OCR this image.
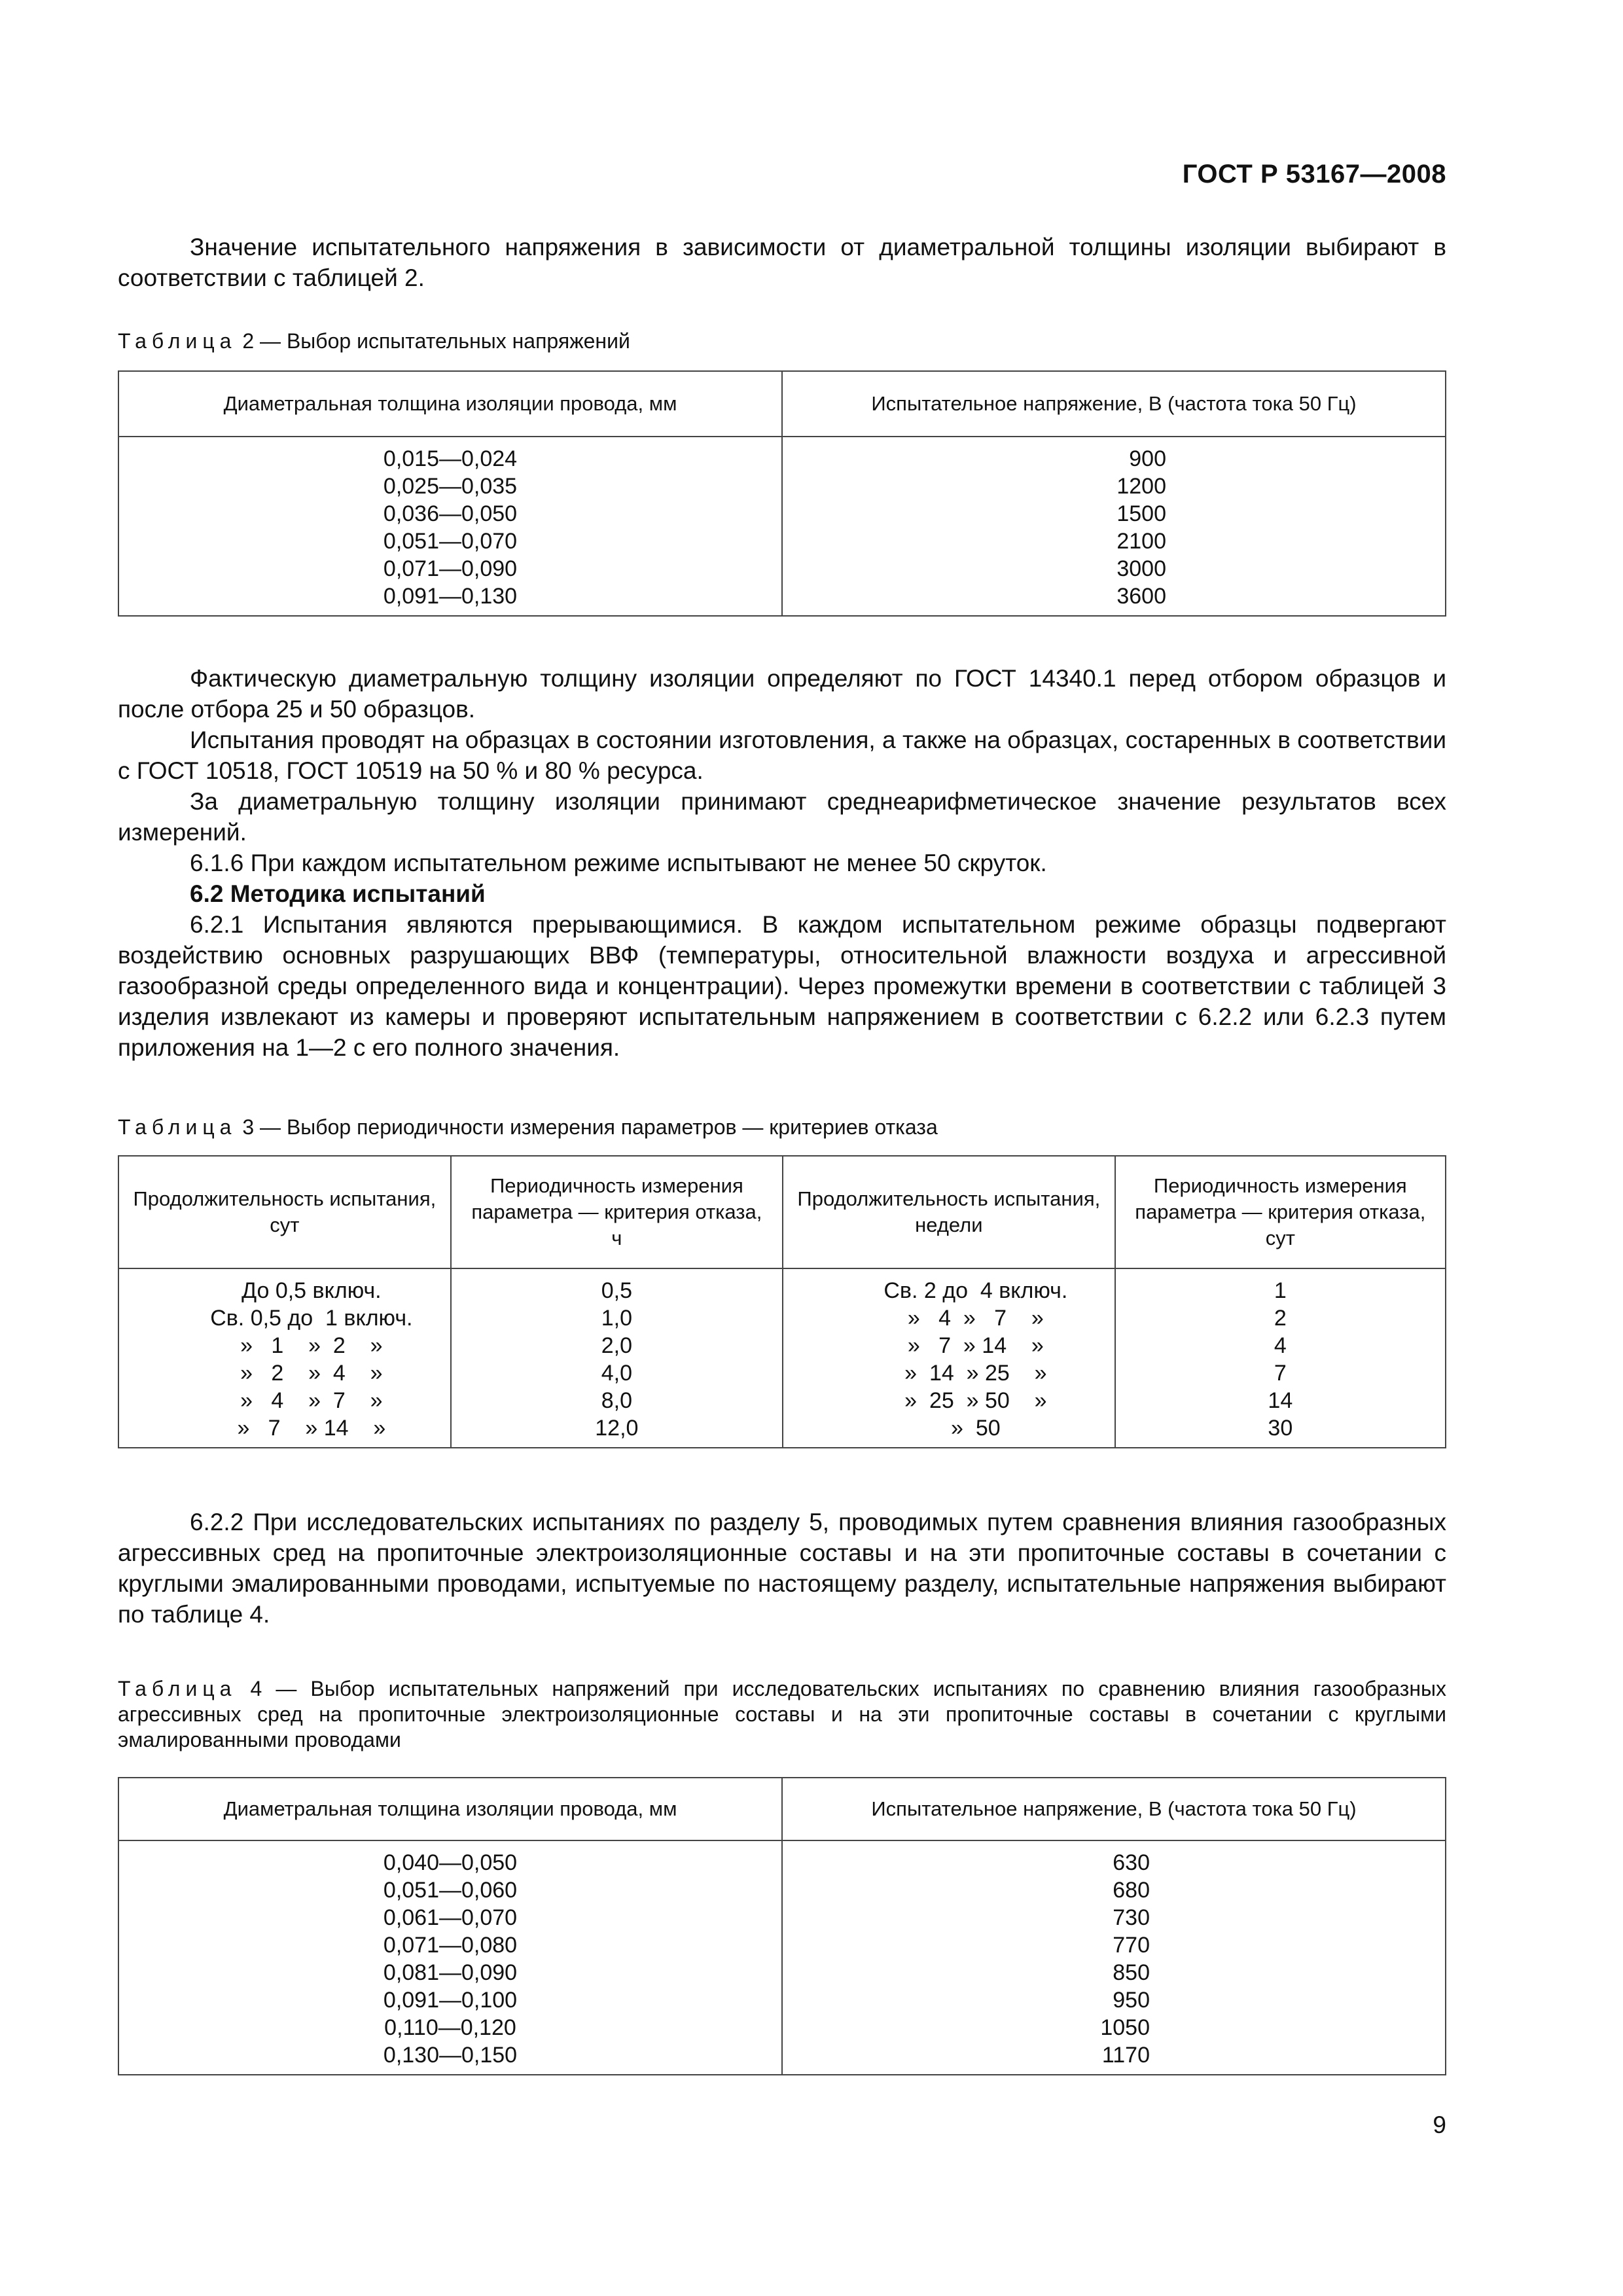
ГОСТ Р 53167—2008

Значение испытательного напряжения в зависимости от диаметральной толщины изоляции выбирают в соответствии с таблицей 2.

Таблица 2 — Выбор испытательных напряжений
Диаметральная толщина изоляции провода, мм	Испытательное напряжение, В (частота тока 50 Гц)
0,015—0,024	900
0,025—0,035	1200
0,036—0,050	1500
0,051—0,070	2100
0,071—0,090	3000
0,091—0,130	3600

Фактическую диаметральную толщину изоляции определяют по ГОСТ 14340.1 перед отбором образцов и после отбора 25 и 50 образцов.

Испытания проводят на образцах в состоянии изготовления, а также на образцах, состаренных в соответствии с ГОСТ 10518, ГОСТ 10519 на 50 % и 80 % ресурса.

За диаметральную толщину изоляции принимают среднеарифметическое значение результатов всех измерений.

6.1.6 При каждом испытательном режиме испытывают не менее 50 скруток.

6.2 Методика испытаний

6.2.1 Испытания являются прерывающимися. В каждом испытательном режиме образцы подвергают воздействию основных разрушающих ВВФ (температуры, относительной влажности воздуха и агрессивной газообразной среды определенного вида и концентрации). Через промежутки времени в соответствии с таблицей 3 изделия извлекают из камеры и проверяют испытательным напряжением в соответствии с 6.2.2 или 6.2.3 путем приложения на 1—2 с его полного значения.

Таблица 3 — Выбор периодичности измерения параметров — критериев отказа
Продолжительность испытания, сут	Периодичность измерения параметра — критерия отказа, ч	Продолжительность испытания, недели	Периодичность измерения параметра — критерия отказа, сут
До 0,5 включ.	0,5	Св. 2 до  4 включ.	1
Св. 0,5 до  1 включ.	1,0	»   4  »   7    »	2
»   1    »  2    »	2,0	»   7  » 14    »	4
»   2    »  4    »	4,0	»  14  » 25    »	7
»   4    »  7    »	8,0	»  25  » 50    »	14
»   7    » 14    »	12,0	»  50	30

6.2.2 При исследовательских испытаниях по разделу 5, проводимых путем сравнения влияния газообразных агрессивных сред на пропиточные электроизоляционные составы и на эти пропиточные составы в сочетании с круглыми эмалированными проводами, испытуемые по настоящему разделу, испытательные напряжения выбирают по таблице 4.

Таблица 4 — Выбор испытательных напряжений при исследовательских испытаниях по сравнению влияния газообразных агрессивных сред на пропиточные электроизоляционные составы и на эти пропиточные составы в сочетании с круглыми эмалированными проводами
Диаметральная толщина изоляции провода, мм	Испытательное напряжение, В (частота тока 50 Гц)
0,040—0,050	630
0,051—0,060	680
0,061—0,070	730
0,071—0,080	770
0,081—0,090	850
0,091—0,100	950
0,110—0,120	1050
0,130—0,150	1170
9
